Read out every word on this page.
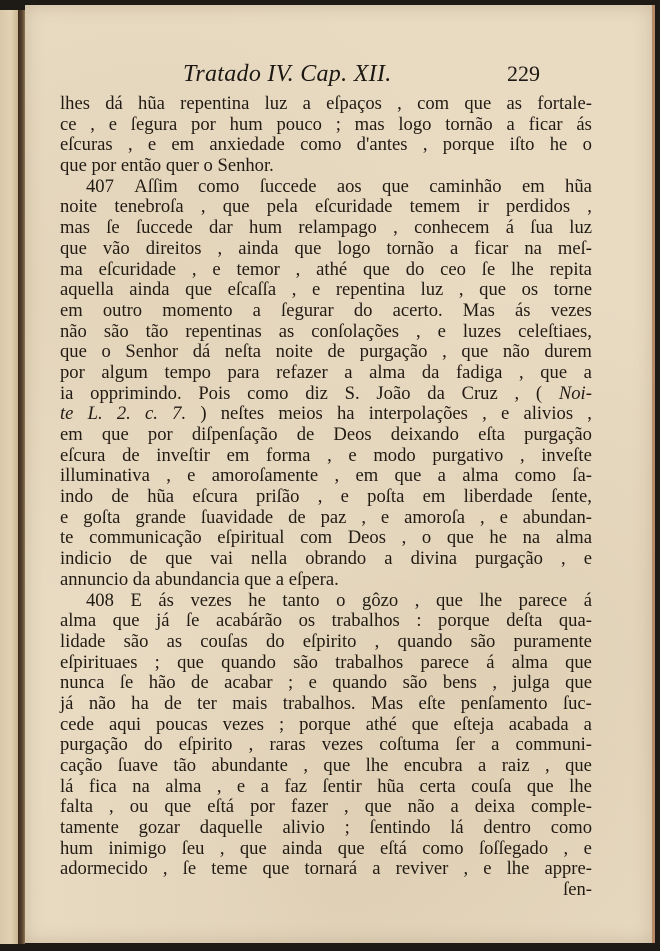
Tratado IV. Cap. XII.	229
lhes dá hũa repentina luz a eſpaços , com que as fortale-
ce , e ſegura por hum pouco ; mas logo tornão a ficar ás
eſcuras , e em anxiedade como d'antes , porque iſto he o
que por então quer o Senhor.
407 Aſſim como ſuccede aos que caminhão em hũa
noite tenebroſa , que pela eſcuridade temem ir perdidos ,
mas ſe ſuccede dar hum relampago , conhecem á ſua luz
que vão direitos , ainda que logo tornão a ficar na meſ-
ma eſcuridade , e temor , athé que do ceo ſe lhe repita
aquella ainda que eſcaſſa , e repentina luz , que os torne
em outro momento a ſegurar do acerto. Mas ás vezes
não são tão repentinas as conſolações , e luzes celeſtiaes,
que o Senhor dá neſta noite de purgação , que não durem
por algum tempo para refazer a alma da fadiga , que a
ia opprimindo. Pois como diz S. João da Cruz , ( Noi-
te L. 2. c. 7. ) neſtes meios ha interpolações , e alivios ,
em que por diſpenſação de Deos deixando eſta purgação
eſcura de inveſtir em forma , e modo purgativo , inveſte
illuminativa , e amoroſamente , em que a alma como ſa-
indo de hũa eſcura priſão , e poſta em liberdade ſente,
e goſta grande ſuavidade de paz , e amoroſa , e abundan-
te communicação eſpiritual com Deos , o que he na alma
indicio de que vai nella obrando a divina purgação , e
annuncio da abundancia que a eſpera.
408 E ás vezes he tanto o gôzo , que lhe parece á
alma que já ſe acabárão os trabalhos : porque deſta qua-
lidade são as couſas do eſpirito , quando são puramente
eſpirituaes ; que quando são trabalhos parece á alma que
nunca ſe hão de acabar ; e quando são bens , julga que
já não ha de ter mais trabalhos. Mas eſte penſamento ſuc-
cede aqui poucas vezes ; porque athé que eſteja acabada a
purgação do eſpirito , raras vezes coſtuma ſer a communi-
cação ſuave tão abundante , que lhe encubra a raiz , que
lá fica na alma , e a faz ſentir hũa certa couſa que lhe
falta , ou que eſtá por fazer , que não a deixa comple-
tamente gozar daquelle alivio ; ſentindo lá dentro como
hum inimigo ſeu , que ainda que eſtá como ſoſſegado , e
adormecido , ſe teme que tornará a reviver , e lhe appre-
ſen-
